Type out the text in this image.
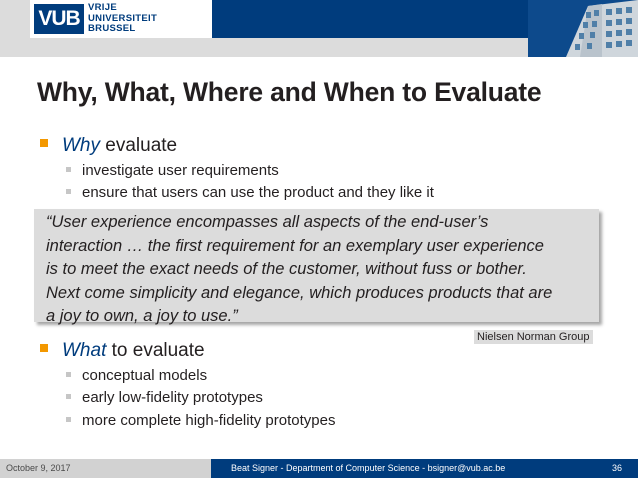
VUB VRIJE
UNIVERSITEIT
BRUSSEL
Why, What, Where and When to Evaluate
Why evaluate
investigate user requirements
ensure that users can use the product and they like it
“User experience encompasses all aspects of the end-user’s
interaction … the first requirement for an exemplary user experience
is to meet the exact needs of the customer, without fuss or bother.
Next come simplicity and elegance, which produces products that are
a joy to own, a joy to use.”
Nielsen Norman Group
What to evaluate
conceptual models
early low-fidelity prototypes
more complete high-fidelity prototypes
October 9, 2017	Beat Signer - Department of Computer Science - bsigner@vub.ac.be	36
